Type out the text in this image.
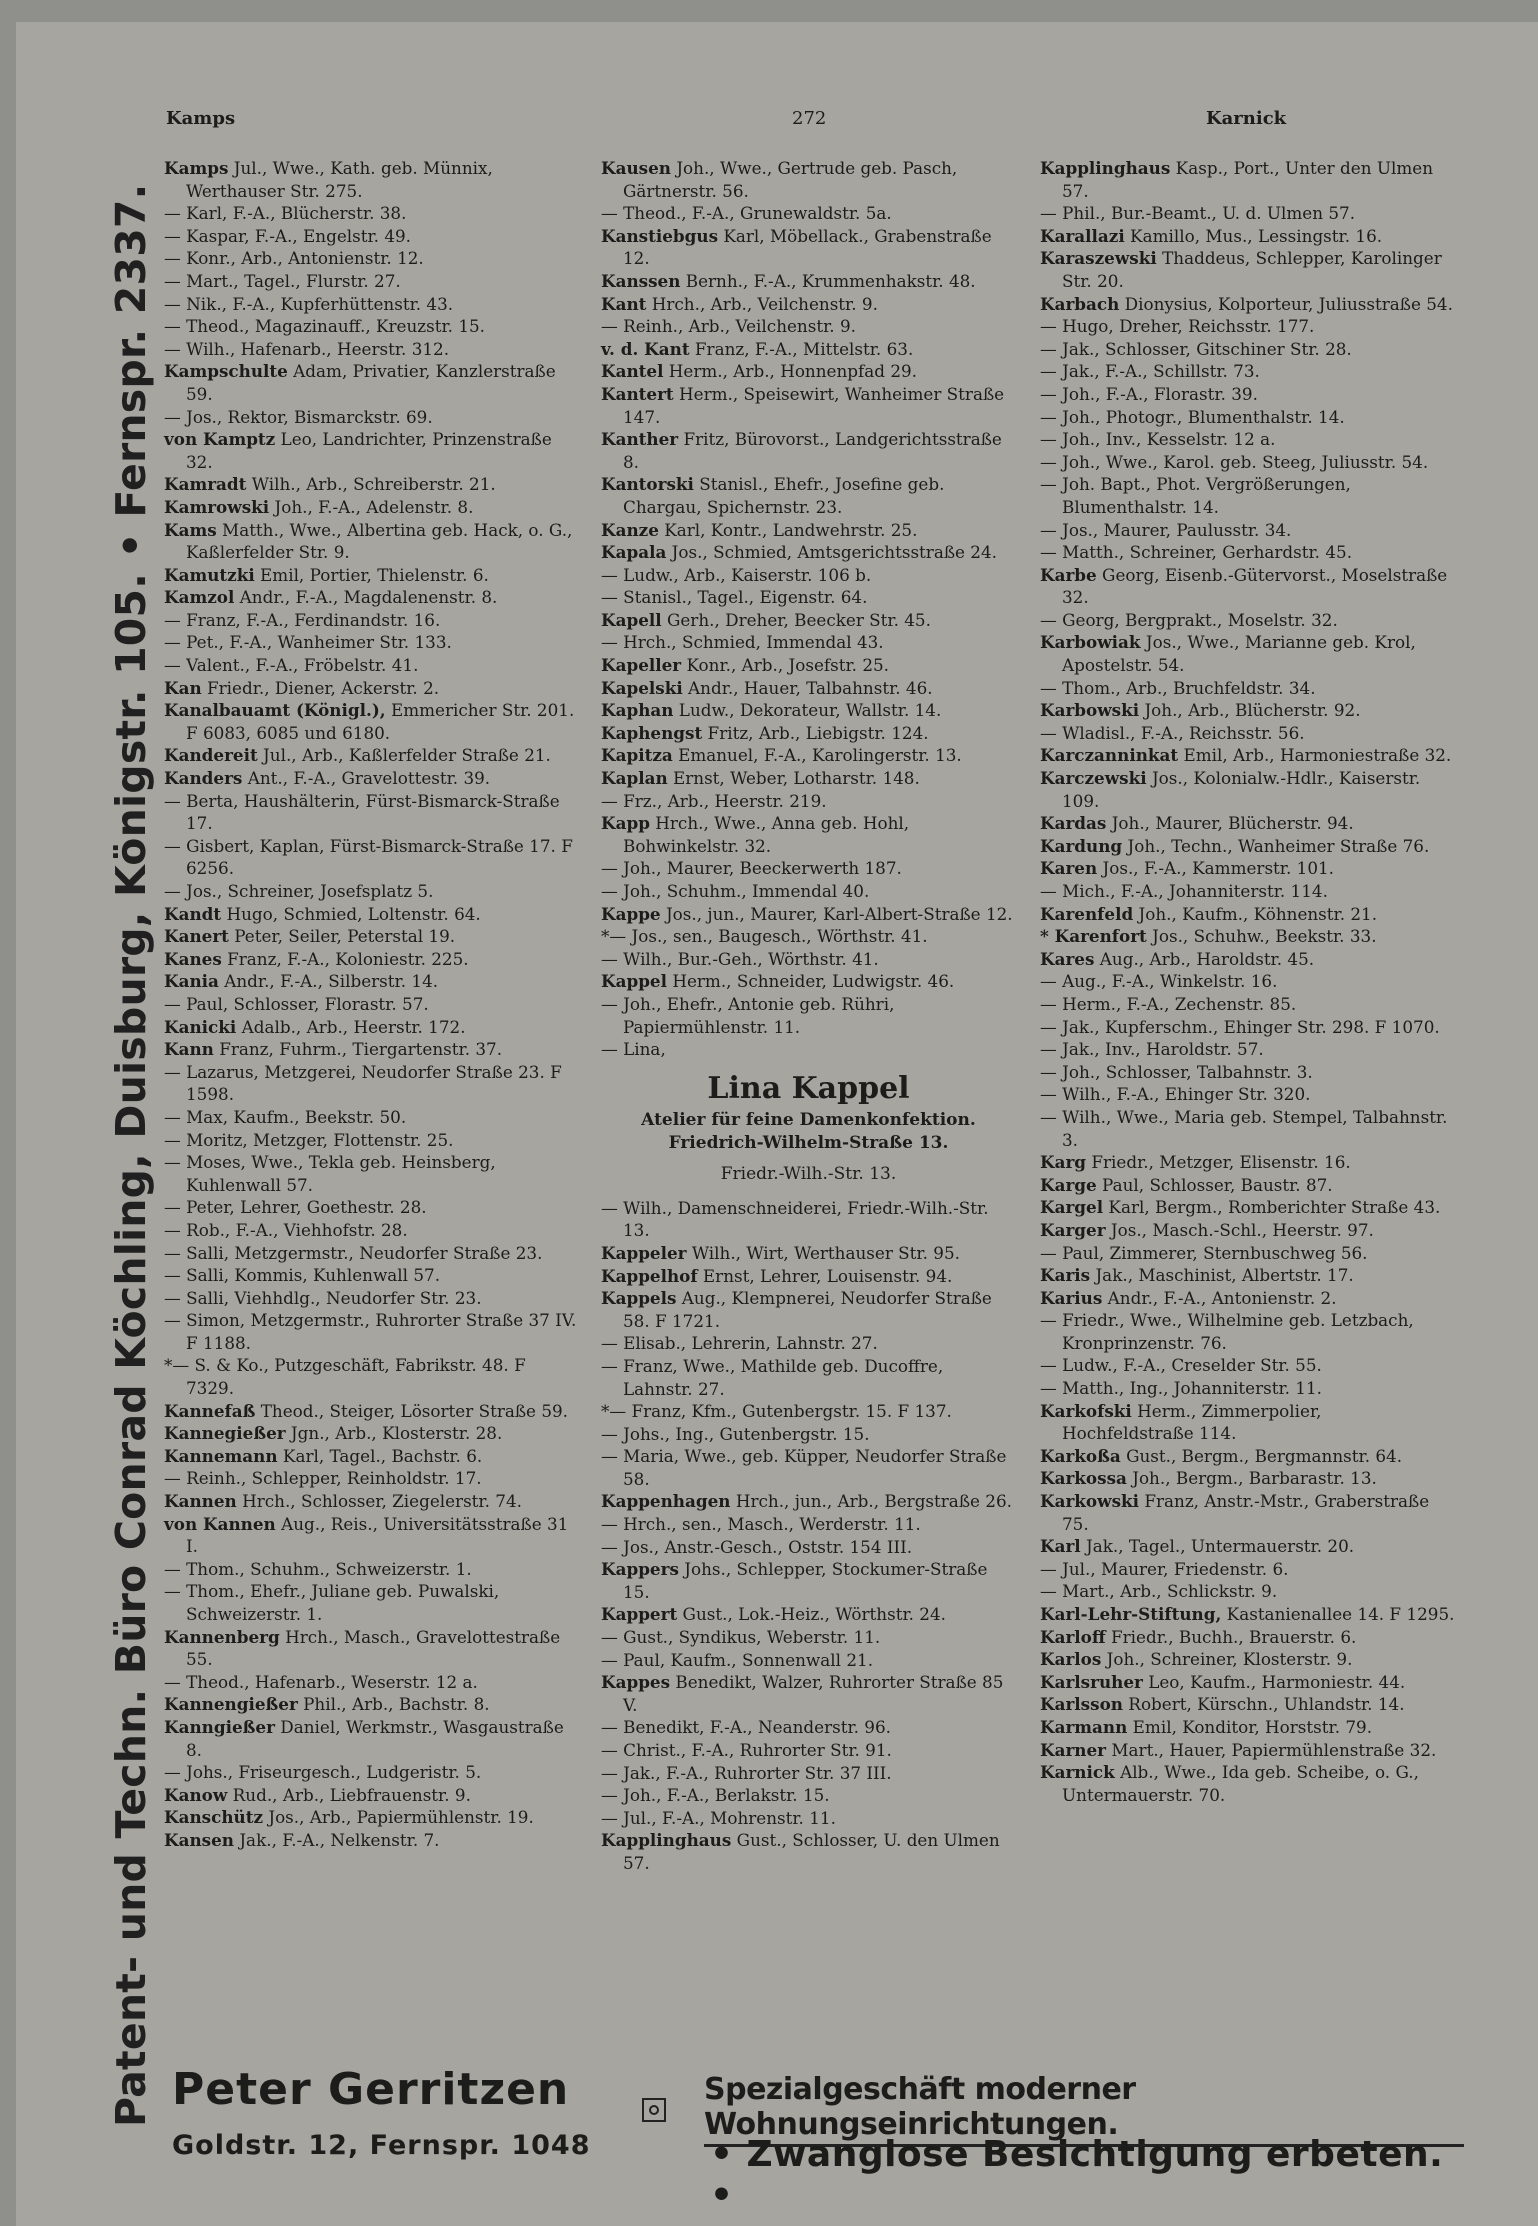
Patent- und Techn. Büro Conrad Köchling, Duisburg, Königstr. 105. • Fernspr. 2337.
Kamps	272	Karnick

Kamps Jul., Wwe., Kath. geb. Münnix, Werthauser Str. 275.

— Karl, F.-A., Blücherstr. 38.

— Kaspar, F.-A., Engelstr. 49.

— Konr., Arb., Antonienstr. 12.

— Mart., Tagel., Flurstr. 27.

— Nik., F.-A., Kupferhüttenstr. 43.

— Theod., Magazinauff., Kreuzstr. 15.

— Wilh., Hafenarb., Heerstr. 312.

Kampschulte Adam, Privatier, Kanzlerstraße 59.

— Jos., Rektor, Bismarckstr. 69.

von Kamptz Leo, Landrichter, Prinzenstraße 32.

Kamradt Wilh., Arb., Schreiberstr. 21.

Kamrowski Joh., F.-A., Adelenstr. 8.

Kams Matth., Wwe., Albertina geb. Hack, o. G., Kaßlerfelder Str. 9.

Kamutzki Emil, Portier, Thielenstr. 6.

Kamzol Andr., F.-A., Magdalenenstr. 8.

— Franz, F.-A., Ferdinandstr. 16.

— Pet., F.-A., Wanheimer Str. 133.

— Valent., F.-A., Fröbelstr. 41.

Kan Friedr., Diener, Ackerstr. 2.

Kanalbauamt (Königl.), Emmericher Str. 201. F 6083, 6085 und 6180.

Kandereit Jul., Arb., Kaßlerfelder Straße 21.

Kanders Ant., F.-A., Gravelottestr. 39.

— Berta, Haushälterin, Fürst-Bismarck-Straße 17.

— Gisbert, Kaplan, Fürst-Bismarck-Straße 17. F 6256.

— Jos., Schreiner, Josefsplatz 5.

Kandt Hugo, Schmied, Loltenstr. 64.

Kanert Peter, Seiler, Peterstal 19.

Kanes Franz, F.-A., Koloniestr. 225.

Kania Andr., F.-A., Silberstr. 14.

— Paul, Schlosser, Florastr. 57.

Kanicki Adalb., Arb., Heerstr. 172.

Kann Franz, Fuhrm., Tiergartenstr. 37.

— Lazarus, Metzgerei, Neudorfer Straße 23. F 1598.

— Max, Kaufm., Beekstr. 50.

— Moritz, Metzger, Flottenstr. 25.

— Moses, Wwe., Tekla geb. Heinsberg, Kuhlenwall 57.

— Peter, Lehrer, Goethestr. 28.

— Rob., F.-A., Viehhofstr. 28.

— Salli, Metzgermstr., Neudorfer Straße 23.

— Salli, Kommis, Kuhlenwall 57.

— Salli, Viehhdlg., Neudorfer Str. 23.

— Simon, Metzgermstr., Ruhrorter Straße 37 IV. F 1188.

*— S. & Ko., Putzgeschäft, Fabrikstr. 48. F 7329.

Kannefaß Theod., Steiger, Lösorter Straße 59.

Kannegießer Jgn., Arb., Klosterstr. 28.

Kannemann Karl, Tagel., Bachstr. 6.

— Reinh., Schlepper, Reinholdstr. 17.

Kannen Hrch., Schlosser, Ziegelerstr. 74.

von Kannen Aug., Reis., Universitätsstraße 31 I.

— Thom., Schuhm., Schweizerstr. 1.

— Thom., Ehefr., Juliane geb. Puwalski, Schweizerstr. 1.

Kannenberg Hrch., Masch., Gravelottestraße 55.

— Theod., Hafenarb., Weserstr. 12 a.

Kannengießer Phil., Arb., Bachstr. 8.

Kanngießer Daniel, Werkmstr., Wasgaustraße 8.

— Johs., Friseurgesch., Ludgeristr. 5.

Kanow Rud., Arb., Liebfrauenstr. 9.

Kanschütz Jos., Arb., Papiermühlenstr. 19.

Kansen Jak., F.-A., Nelkenstr. 7.

Kausen Joh., Wwe., Gertrude geb. Pasch, Gärtnerstr. 56.

— Theod., F.-A., Grunewaldstr. 5a.

Kanstiebgus Karl, Möbellack., Grabenstraße 12.

Kanssen Bernh., F.-A., Krummenhakstr. 48.

Kant Hrch., Arb., Veilchenstr. 9.

— Reinh., Arb., Veilchenstr. 9.

v. d. Kant Franz, F.-A., Mittelstr. 63.

Kantel Herm., Arb., Honnenpfad 29.

Kantert Herm., Speisewirt, Wanheimer Straße 147.

Kanther Fritz, Bürovorst., Landgerichtsstraße 8.

Kantorski Stanisl., Ehefr., Josefine geb. Chargau, Spichernstr. 23.

Kanze Karl, Kontr., Landwehrstr. 25.

Kapala Jos., Schmied, Amtsgerichtsstraße 24.

— Ludw., Arb., Kaiserstr. 106 b.

— Stanisl., Tagel., Eigenstr. 64.

Kapell Gerh., Dreher, Beecker Str. 45.

— Hrch., Schmied, Immendal 43.

Kapeller Konr., Arb., Josefstr. 25.

Kapelski Andr., Hauer, Talbahnstr. 46.

Kaphan Ludw., Dekorateur, Wallstr. 14.

Kaphengst Fritz, Arb., Liebigstr. 124.

Kapitza Emanuel, F.-A., Karolingerstr. 13.

Kaplan Ernst, Weber, Lotharstr. 148.

— Frz., Arb., Heerstr. 219.

Kapp Hrch., Wwe., Anna geb. Hohl, Bohwinkelstr. 32.

— Joh., Maurer, Beeckerwerth 187.

— Joh., Schuhm., Immendal 40.

Kappe Jos., jun., Maurer, Karl-Albert-Straße 12.

*— Jos., sen., Baugesch., Wörthstr. 41.

— Wilh., Bur.-Geh., Wörthstr. 41.

Kappel Herm., Schneider, Ludwigstr. 46.

— Joh., Ehefr., Antonie geb. Rühri, Papiermühlenstr. 11.

— Lina,

Lina Kappel
Atelier für feine Damenkonfektion.
Friedrich-Wilhelm-Straße 13.
Friedr.-Wilh.-Str. 13.

— Wilh., Damenschneiderei, Friedr.-Wilh.-Str. 13.

Kappeler Wilh., Wirt, Werthauser Str. 95.

Kappelhof Ernst, Lehrer, Louisenstr. 94.

Kappels Aug., Klempnerei, Neudorfer Straße 58. F 1721.

— Elisab., Lehrerin, Lahnstr. 27.

— Franz, Wwe., Mathilde geb. Ducoffre, Lahnstr. 27.

*— Franz, Kfm., Gutenbergstr. 15. F 137.

— Johs., Ing., Gutenbergstr. 15.

— Maria, Wwe., geb. Küpper, Neudorfer Straße 58.

Kappenhagen Hrch., jun., Arb., Bergstraße 26.

— Hrch., sen., Masch., Werderstr. 11.

— Jos., Anstr.-Gesch., Oststr. 154 III.

Kappers Johs., Schlepper, Stockumer-Straße 15.

Kappert Gust., Lok.-Heiz., Wörthstr. 24.

— Gust., Syndikus, Weberstr. 11.

— Paul, Kaufm., Sonnenwall 21.

Kappes Benedikt, Walzer, Ruhrorter Straße 85 V.

— Benedikt, F.-A., Neanderstr. 96.

— Christ., F.-A., Ruhrorter Str. 91.

— Jak., F.-A., Ruhrorter Str. 37 III.

— Joh., F.-A., Berlakstr. 15.

— Jul., F.-A., Mohrenstr. 11.

Kapplinghaus Gust., Schlosser, U. den Ulmen 57.

Kapplinghaus Kasp., Port., Unter den Ulmen 57.

— Phil., Bur.-Beamt., U. d. Ulmen 57.

Karallazi Kamillo, Mus., Lessingstr. 16.

Karaszewski Thaddeus, Schlepper, Karolinger Str. 20.

Karbach Dionysius, Kolporteur, Juliusstraße 54.

— Hugo, Dreher, Reichsstr. 177.

— Jak., Schlosser, Gitschiner Str. 28.

— Jak., F.-A., Schillstr. 73.

— Joh., F.-A., Florastr. 39.

— Joh., Photogr., Blumenthalstr. 14.

— Joh., Inv., Kesselstr. 12 a.

— Joh., Wwe., Karol. geb. Steeg, Juliusstr. 54.

— Joh. Bapt., Phot. Vergrößerungen, Blumenthalstr. 14.

— Jos., Maurer, Paulusstr. 34.

— Matth., Schreiner, Gerhardstr. 45.

Karbe Georg, Eisenb.-Gütervorst., Moselstraße 32.

— Georg, Bergprakt., Moselstr. 32.

Karbowiak Jos., Wwe., Marianne geb. Krol, Apostelstr. 54.

— Thom., Arb., Bruchfeldstr. 34.

Karbowski Joh., Arb., Blücherstr. 92.

— Wladisl., F.-A., Reichsstr. 56.

Karczanninkat Emil, Arb., Harmoniestraße 32.

Karczewski Jos., Kolonialw.-Hdlr., Kaiserstr. 109.

Kardas Joh., Maurer, Blücherstr. 94.

Kardung Joh., Techn., Wanheimer Straße 76.

Karen Jos., F.-A., Kammerstr. 101.

— Mich., F.-A., Johanniterstr. 114.

Karenfeld Joh., Kaufm., Köhnenstr. 21.

* Karenfort Jos., Schuhw., Beekstr. 33.

Kares Aug., Arb., Haroldstr. 45.

— Aug., F.-A., Winkelstr. 16.

— Herm., F.-A., Zechenstr. 85.

— Jak., Kupferschm., Ehinger Str. 298. F 1070.

— Jak., Inv., Haroldstr. 57.

— Joh., Schlosser, Talbahnstr. 3.

— Wilh., F.-A., Ehinger Str. 320.

— Wilh., Wwe., Maria geb. Stempel, Talbahnstr. 3.

Karg Friedr., Metzger, Elisenstr. 16.

Karge Paul, Schlosser, Baustr. 87.

Kargel Karl, Bergm., Romberichter Straße 43.

Karger Jos., Masch.-Schl., Heerstr. 97.

— Paul, Zimmerer, Sternbuschweg 56.

Karis Jak., Maschinist, Albertstr. 17.

Karius Andr., F.-A., Antonienstr. 2.

— Friedr., Wwe., Wilhelmine geb. Letzbach, Kronprinzenstr. 76.

— Ludw., F.-A., Creselder Str. 55.

— Matth., Ing., Johanniterstr. 11.

Karkofski Herm., Zimmerpolier, Hochfeldstraße 114.

Karkoßa Gust., Bergm., Bergmannstr. 64.

Karkossa Joh., Bergm., Barbarastr. 13.

Karkowski Franz, Anstr.-Mstr., Graberstraße 75.

Karl Jak., Tagel., Untermauerstr. 20.

— Jul., Maurer, Friedenstr. 6.

— Mart., Arb., Schlickstr. 9.

Karl-Lehr-Stiftung, Kastanienallee 14. F 1295.

Karloff Friedr., Buchh., Brauerstr. 6.

Karlos Joh., Schreiner, Klosterstr. 9.

Karlsruher Leo, Kaufm., Harmoniestr. 44.

Karlsson Robert, Kürschn., Uhlandstr. 14.

Karmann Emil, Konditor, Horststr. 79.

Karner Mart., Hauer, Papiermühlenstraße 32.

Karnick Alb., Wwe., Ida geb. Scheibe, o. G., Untermauerstr. 70.

Peter Gerritzen
Goldstr. 12, Fernspr. 1048
Spezialgeschäft moderner Wohnungseinrichtungen.
• Zwanglose Besichtigung erbeten. •
